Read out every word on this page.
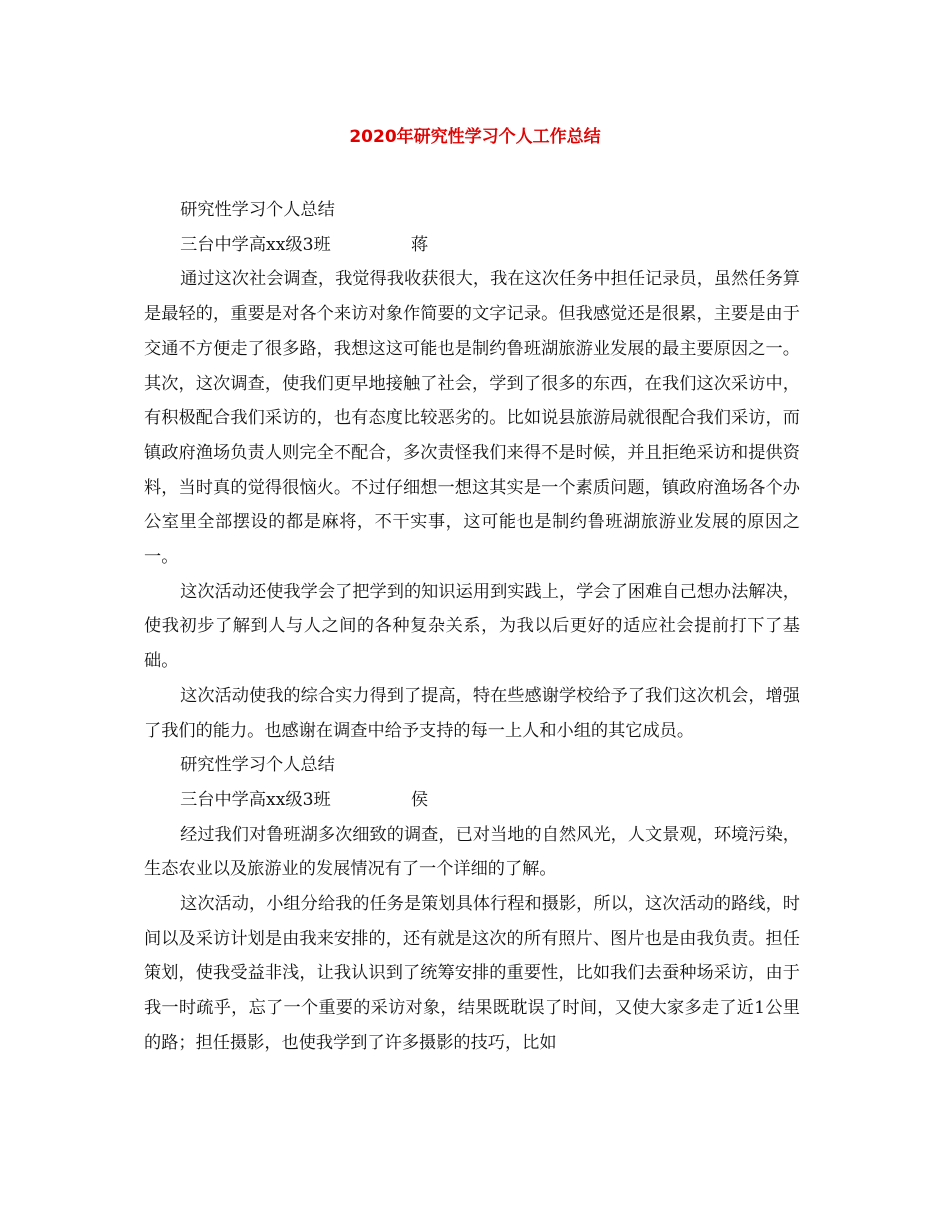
2020年研究性学习个人工作总结

研究性学习个人总结

三台中学高xx级3班	蒋

通过这次社会调查，我觉得我收获很大，我在这次任务中担任记录员，虽然任务算是最轻的，重要是对各个来访对象作简要的文字记录。但我感觉还是很累，主要是由于交通不方便走了很多路，我想这这可能也是制约鲁班湖旅游业发展的最主要原因之一。其次，这次调查，使我们更早地接触了社会，学到了很多的东西，在我们这次采访中，有积极配合我们采访的，也有态度比较恶劣的。比如说县旅游局就很配合我们采访，而镇政府渔场负责人则完全不配合，多次责怪我们来得不是时候，并且拒绝采访和提供资料，当时真的觉得很恼火。不过仔细想一想这其实是一个素质问题，镇政府渔场各个办公室里全部摆设的都是麻将，不干实事，这可能也是制约鲁班湖旅游业发展的原因之一。

这次活动还使我学会了把学到的知识运用到实践上，学会了困难自己想办法解决，使我初步了解到人与人之间的各种复杂关系，为我以后更好的适应社会提前打下了基础。

这次活动使我的综合实力得到了提高，特在些感谢学校给予了我们这次机会，增强了我们的能力。也感谢在调查中给予支持的每一上人和小组的其它成员。

研究性学习个人总结

三台中学高xx级3班	侯

经过我们对鲁班湖多次细致的调查，已对当地的自然风光，人文景观，环境污染，生态农业以及旅游业的发展情况有了一个详细的了解。

这次活动，小组分给我的任务是策划具体行程和摄影，所以，这次活动的路线，时间以及采访计划是由我来安排的，还有就是这次的所有照片、图片也是由我负责。担任策划，使我受益非浅，让我认识到了统筹安排的重要性，比如我们去蚕种场采访，由于我一时疏乎，忘了一个重要的采访对象，结果既耽误了时间，又使大家多走了近1公里的路；担任摄影，也使我学到了许多摄影的技巧，比如
